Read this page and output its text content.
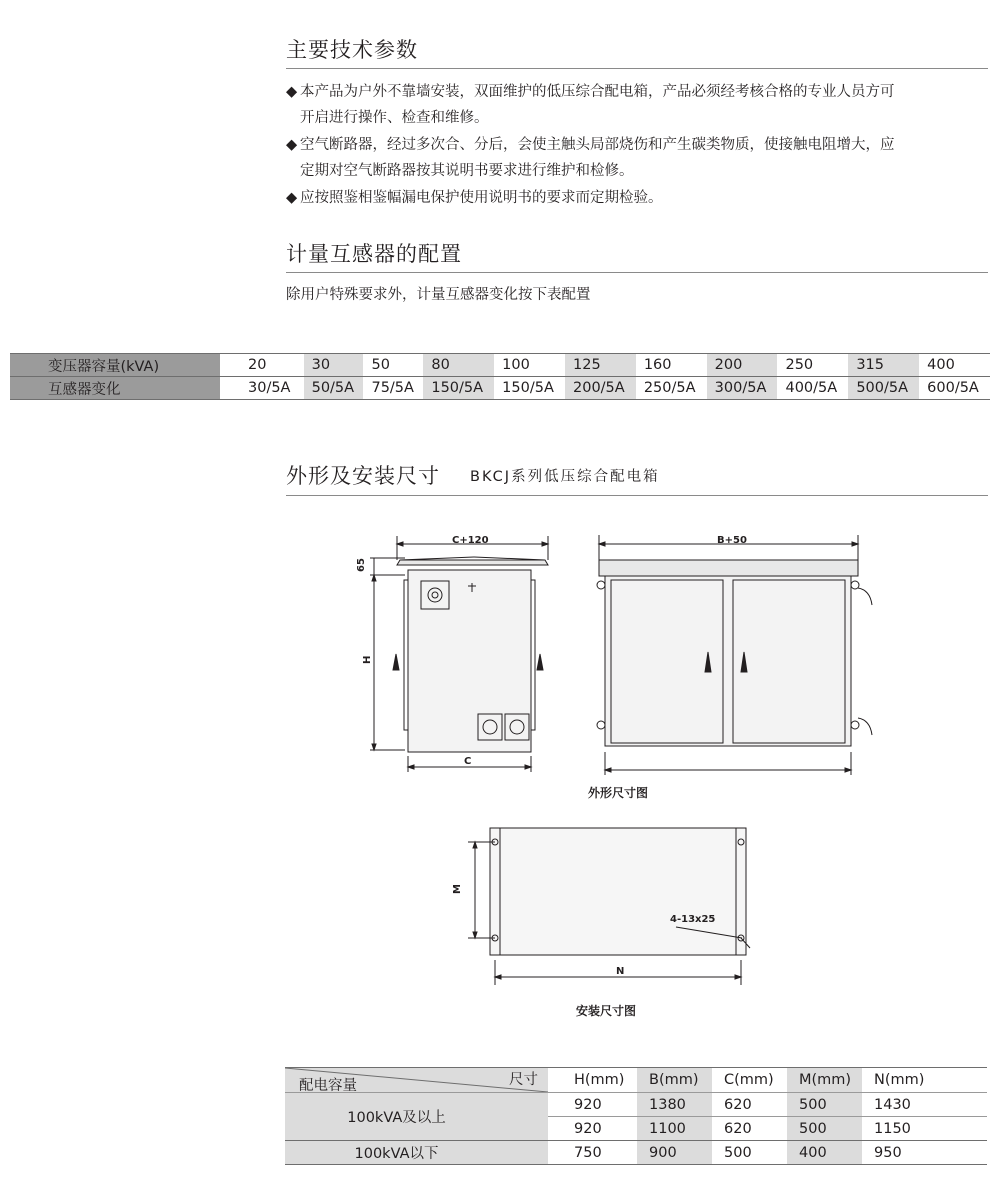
主要技术参数
◆ 本产品为户外不靠墙安装，双面维护的低压综合配电箱，产品必须经考核合格的专业人员方可
开启进行操作、检查和维修。
◆ 空气断路器，经过多次合、分后，会使主触头局部烧伤和产生碳类物质，使接触电阻增大，应
定期对空气断路器按其说明书要求进行维护和检修。
◆ 应按照鉴相鉴幅漏电保护使用说明书的要求而定期检验。
计量互感器的配置
除用户特殊要求外，计量互感器变化按下表配置
变压器容量(kVA)	20	30	50	80	100	125	160	200	250	315	400
互感器变化	30/5A	50/5A	75/5A	150/5A	150/5A	200/5A	250/5A	300/5A	400/5A	500/5A	600/5A
外形及安装尺寸 BKCJ系列低压综合配电箱
C+120	B+50
65
H
C
外形尺寸图
M
N
4-13x25
安装尺寸图
尺寸
配电容量	H(mm)	B(mm)	C(mm)	M(mm)	N(mm)
100kVA及以上	920	1380	620	500	1430
	920	1100	620	500	1150
100kVA以下	750	900	500	400	950
